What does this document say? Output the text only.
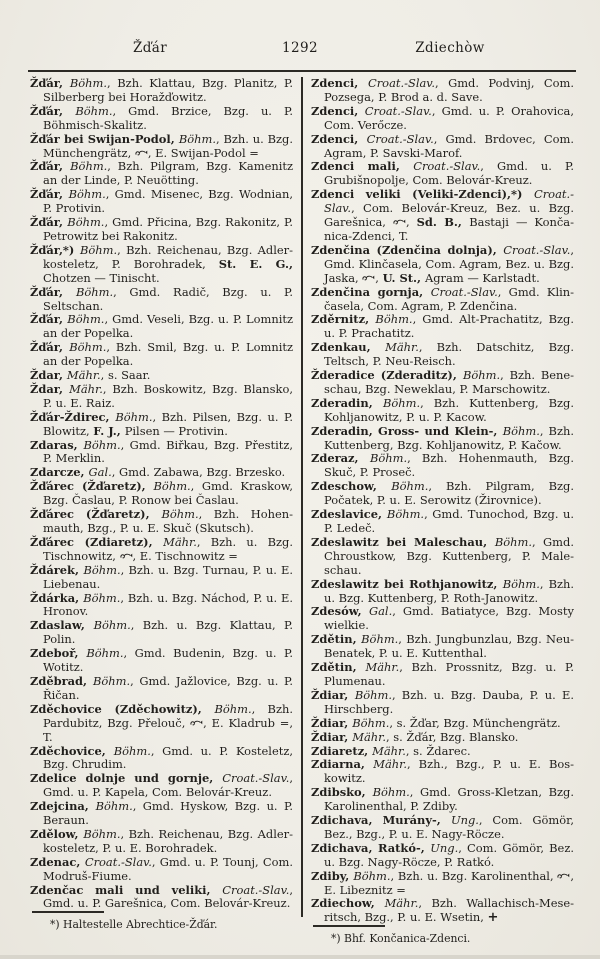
Žďár	1292	Zdiechòw
Žďár, Böhm., Bzh. Klattau, Bzg. Planitz, P. Silberberg bei Horažďowitz.
Žďár, Böhm., Gmd. Brzice, Bzg. u. P. Böhmisch-Skalitz.
Žďár bei Swijan-Podol, Böhm., Bzh. u. Bzg. Münchengrätz, , E. Swijan-Podol =
Žďár, Böhm., Bzh. Pilgram, Bzg. Kamenitz an der Linde, P. Neuötting.
Žďár, Böhm., Gmd. Misenec, Bzg. Wodnian, P. Protivin.
Žďár, Böhm., Gmd. Přicina, Bzg. Rakonitz, P. Petrowitz bei Rakonitz.
Žďár,*) Böhm., Bzh. Reichenau, Bzg. Adlerkosteletz, P. Borohradek, St. E. G., Chotzen — Tinischt.
Žďár, Böhm., Gmd. Radič, Bzg. u. P. Seltschan.
Žďár, Böhm., Gmd. Veseli, Bzg. u. P. Lomnitz an der Popelka.
Žďár, Böhm., Bzh. Smil, Bzg. u. P. Lomnitz an der Popelka.
Ždar, Mähr., s. Saar.
Ždar, Mähr., Bzh. Boskowitz, Bzg. Blansko, P. u. E. Raiz.
Žďár-Ždirec, Böhm., Bzh. Pilsen, Bzg. u. P. Blowitz, F. J., Pilsen — Protivin.
Zdaras, Böhm., Gmd. Biřkau, Bzg. Přestitz, P. Merklin.
Zdarcze, Gal., Gmd. Zabawa, Bzg. Brzesko.
Žďárec (Žďaretz), Böhm., Gmd. Kraskow, Bzg. Časlau, P. Ronow bei Časlau.
Žďárec (Žďaretz), Böhm., Bzh. Hohenmauth, Bzg., P. u. E. Skuč (Skutsch).
Žďárec (Zdiaretz), Mähr., Bzh. u. Bzg. Tischnowitz, , E. Tischnowitz =
Ždárek, Böhm., Bzh. u. Bzg. Turnau, P. u. E. Liebenau.
Ždárka, Böhm., Bzh. u. Bzg. Náchod, P. u. E. Hronov.
Zdaslaw, Böhm., Bzh. u. Bzg. Klattau, P. Polin.
Zdeboř, Böhm., Gmd. Budenin, Bzg. u. P. Wotitz.
Zděbrad, Böhm., Gmd. Jažlovice, Bzg. u. P. Řičan.
Zděchovice (Zděchowitz), Böhm., Bzh. Pardubitz, Bzg. Přelouč, , E. Kladrub =, T.
Zděchovice, Böhm., Gmd. u. P. Kosteletz, Bzg. Chrudim.
Zdelice dolnje und gornje, Croat.-Slav., Gmd. u. P. Kapela, Com. Belovár-Kreuz.
Zdejcina, Böhm., Gmd. Hyskow, Bzg. u. P. Beraun.
Zdělow, Böhm., Bzh. Reichenau, Bzg. Adlerkosteletz, P. u. E. Borohradek.
Zdenac, Croat.-Slav., Gmd. u. P. Tounj, Com. Modruš-Fiume.
Zdenčac mali und veliki, Croat.-Slav., Gmd. u. P. Garešnica, Com. Belovár-Kreuz.
*) Haltestelle Abrechtice-Žďár.
Zdenci, Croat.-Slav., Gmd. Podvinj, Com. Pozsega, P. Brod a. d. Save.
Zdenci, Croat.-Slav., Gmd. u. P. Orahovica, Com. Verőcze.
Zdenci, Croat.-Slav., Gmd. Brdovec, Com. Agram, P. Savski-Marof.
Zdenci mali, Croat.-Slav., Gmd. u. P. Grubišnopolje, Com. Belovár-Kreuz.
Zdenci veliki (Veliki-Zdenci),*) Croat.-Slav., Com. Belovár-Kreuz, Bez. u. Bzg. Garešnica, , Sd. B., Bastaji — Končanica-Zdenci, T.
Zdenčina (Zdenčina dolnja), Croat.-Slav., Gmd. Klinčasela, Com. Agram, Bez. u. Bzg. Jaska, , U. St., Agram — Karlstadt.
Zdenčina gornja, Croat.-Slav., Gmd. Klinčasela, Com. Agram, P. Zdenčina.
Zděrnitz, Böhm., Gmd. Alt-Prachatitz, Bzg. u. P. Prachatitz.
Zdenkau, Mähr., Bzh. Datschitz, Bzg. Teltsch, P. Neu-Reisch.
Žderadice (Zderaditz), Böhm., Bzh. Beneschau, Bzg. Neweklau, P. Marschowitz.
Zderadin, Böhm., Bzh. Kuttenberg, Bzg. Kohljanowitz, P. u. P. Kacow.
Zderadin, Gross- und Klein-, Böhm., Bzh. Kuttenberg, Bzg. Kohljanowitz, P. Kačow.
Zderaz, Böhm., Bzh. Hohenmauth, Bzg. Skuč, P. Proseč.
Zdeschow, Böhm., Bzh. Pilgram, Bzg. Počatek, P. u. E. Serowitz (Žirovnice).
Zdeslavice, Böhm., Gmd. Tunochod, Bzg. u. P. Ledeč.
Zdeslawitz bei Maleschau, Böhm., Gmd. Chroustkow, Bzg. Kuttenberg, P. Maleschau.
Zdeslawitz bei Rothjanowitz, Böhm., Bzh. u. Bzg. Kuttenberg, P. Roth-Janowitz.
Zdesów, Gal., Gmd. Batiatyce, Bzg. Mosty wielkie.
Zdětin, Böhm., Bzh. Jungbunzlau, Bzg. Neu-Benatek, P. u. E. Kuttenthal.
Zdětin, Mähr., Bzh. Prossnitz, Bzg. u. P. Plumenau.
Ždiar, Böhm., Bzh. u. Bzg. Dauba, P. u. E. Hirschberg.
Ždiar, Böhm., s. Žďar, Bzg. Münchengrätz.
Ždiar, Mähr., s. Žďár, Bzg. Blansko.
Zdiaretz, Mähr., s. Ždarec.
Zdiarna, Mähr., Bzh., Bzg., P. u. E. Boskowitz.
Zdibsko, Böhm., Gmd. Gross-Kletzan, Bzg. Karolinenthal, P. Zdiby.
Zdichava, Murány-, Ung., Com. Gömör, Bez., Bzg., P. u. E. Nagy-Röcze.
Zdichava, Ratkó-, Ung., Com. Gömör, Bez. u. Bzg. Nagy-Röcze, P. Ratkó.
Zdiby, Böhm., Bzh. u. Bzg. Karolinenthal, , E. Libeznitz =
Zdiechow, Mähr., Bzh. Wallachisch-Meseritsch, Bzg., P. u. E. Wsetin, +
*) Bhf. Končanica-Zdenci.
